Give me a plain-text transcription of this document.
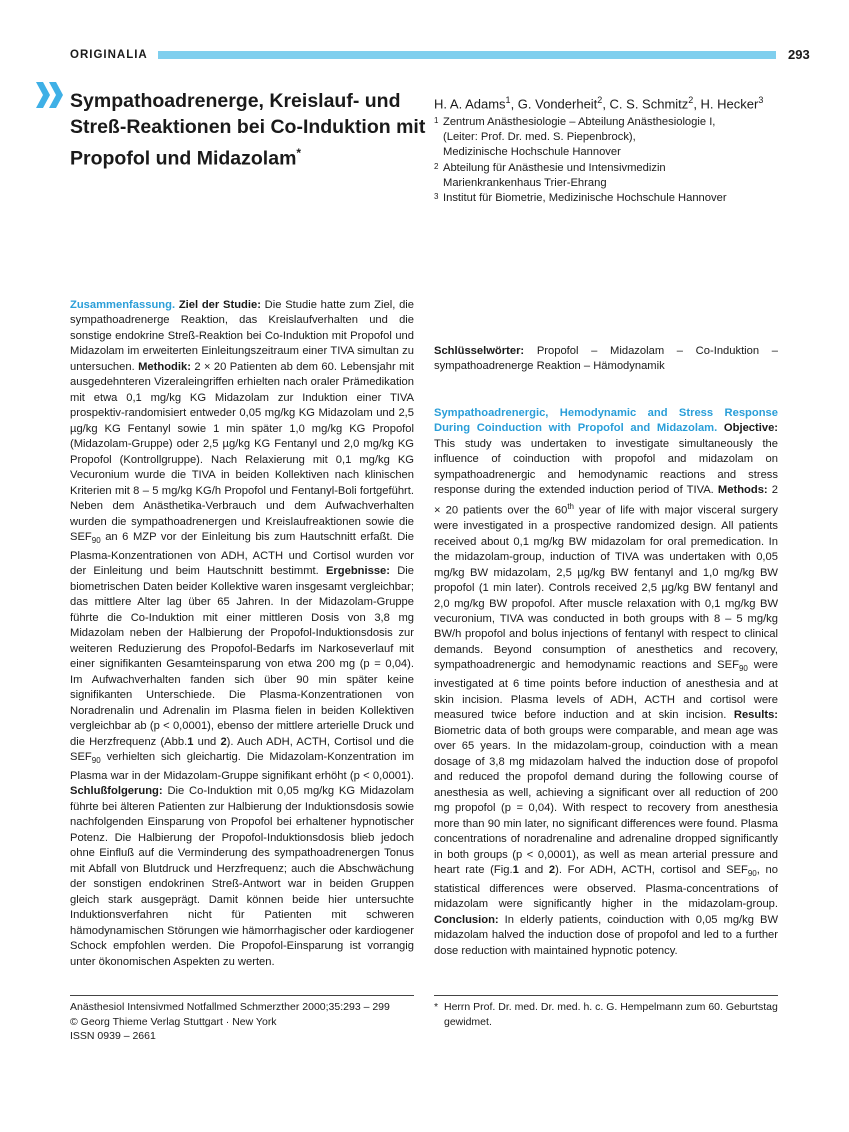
ORIGINALIA	293
Sympathoadrenerge, Kreislauf- und Streß-Reaktionen bei Co-Induktion mit Propofol und Midazolam*
H. A. Adams$^1$, G. Vonderheit$^2$, C. S. Schmitz$^2$, H. Hecker$^3$
1 Zentrum Anästhesiologie – Abteilung Anästhesiologie I,
(Leiter: Prof. Dr. med. S. Piepenbrock),
Medizinische Hochschule Hannover
2 Abteilung für Anästhesie und Intensivmedizin
Marienkrankenhaus Trier-Ehrang
3 Institut für Biometrie, Medizinische Hochschule Hannover
Zusammenfassung. Ziel der Studie: Die Studie hatte zum Ziel, die sympathoadrenerge Reaktion, das Kreislaufverhalten und die sonstige endokrine Streß-Reaktion bei Co-Induktion mit Propofol und Midazolam im erweiterten Einleitungszeitraum einer TIVA simultan zu untersuchen. Methodik: 2 × 20 Patienten ab dem 60. Lebensjahr mit ausgedehnteren Vizeraleingriffen erhielten nach oraler Prämedikation mit etwa 0,1 mg/kg KG Midazolam zur Induktion einer TIVA prospektiv-randomisiert entweder 0,05 mg/kg KG Midazolam und 2,5 µg/kg KG Fentanyl sowie 1 min später 1,0 mg/kg KG Propofol (Midazolam-Gruppe) oder 2,5 µg/kg KG Fentanyl und 2,0 mg/kg KG Propofol (Kontrollgruppe). Nach Relaxierung mit 0,1 mg/kg KG Vecuronium wurde die TIVA in beiden Kollektiven nach klinischen Kriterien mit 8 – 5 mg/kg KG/h Propofol und Fentanyl-Boli fortgeführt. Neben dem Anästhetika-Verbrauch und dem Aufwachverhalten wurden die sympathoadrenergen und Kreislaufreaktionen sowie die $SEF_{90}$ an 6 MZP vor der Einleitung bis zum Hautschnitt erfaßt. Die Plasma-Konzentrationen von ADH, ACTH und Cortisol wurden vor der Einleitung und beim Hautschnitt bestimmt. Ergebnisse: Die biometrischen Daten beider Kollektive waren insgesamt vergleichbar; das mittlere Alter lag über 65 Jahren. In der Midazolam-Gruppe führte die Co-Induktion mit einer mittleren Dosis von 3,8 mg Midazolam neben der Halbierung der Propofol-Induktionsdosis zur weiteren Reduzierung des Propofol-Bedarfs im Narkoseverlauf mit einer signifikanten Gesamteinsparung von etwa 200 mg (p = 0,04). Im Aufwachverhalten fanden sich über 90 min später keine signifikanten Unterschiede. Die Plasma-Konzentrationen von Noradrenalin und Adrenalin im Plasma fielen in beiden Kollektiven vergleichbar ab (p < 0,0001), ebenso der mittlere arterielle Druck und die Herzfrequenz (Abb.1 und 2). Auch ADH, ACTH, Cortisol und die $SEF_{90}$ verhielten sich gleichartig. Die Midazolam-Konzentration im Plasma war in der Midazolam-Gruppe signifikant erhöht (p < 0,0001). Schlußfolgerung: Die Co-Induktion mit 0,05 mg/kg KG Midazolam führte bei älteren Patienten zur Halbierung der Induktionsdosis sowie nachfolgenden Einsparung von Propofol bei erhaltener hypnotischer Potenz. Die Halbierung der Propofol-Induktionsdosis blieb jedoch ohne Einfluß auf die Verminderung des sympathoadrenergen Tonus mit Abfall von Blutdruck und Herzfrequenz; auch die Abschwächung der sonstigen endokrinen Streß-Antwort war in beiden Gruppen gleich stark ausgeprägt. Damit können beide hier untersuchte Induktionsverfahren nicht für Patienten mit schweren hämodynamischen Störungen wie hämorrhagischer oder kardiogener Schock empfohlen werden. Die Propofol-Einsparung ist vorrangig unter ökonomischen Aspekten zu werten.
Schlüsselwörter: Propofol – Midazolam – Co-Induktion – sympathoadrenerge Reaktion – Hämodynamik
Sympathoadrenergic, Hemodynamic and Stress Response During Coinduction with Propofol and Midazolam. Objective: This study was undertaken to investigate simultaneously the influence of coinduction with propofol and midazolam on sympathoadrenergic and hemodynamic reactions and stress response during the extended induction period of TIVA. Methods: 2 × 20 patients over the 60th year of life with major visceral surgery were investigated in a prospective randomized design. All patients received about 0,1 mg/kg BW midazolam for oral premedication. In the midazolam-group, induction of TIVA was undertaken with 0,05 mg/kg BW midazolam, 2,5 µg/kg BW fentanyl and 1,0 mg/kg BW propofol (1 min later). Controls received 2,5 µg/kg BW fentanyl and 2,0 mg/kg BW propofol. After muscle relaxation with 0,1 mg/kg BW vecuronium, TIVA was conducted in both groups with 8 – 5 mg/kg BW/h propofol and bolus injections of fentanyl with respect to clinical demands. Beyond consumption of anesthetics and recovery, sympathoadrenergic and hemodynamic reactions and $SEF_{90}$ were investigated at 6 time points before induction of anesthesia and at skin incision. Plasma levels of ADH, ACTH and cortisol were measured twice before induction and at skin incision. Results: Biometric data of both groups were comparable, and mean age was over 65 years. In the midazolam-group, coinduction with a mean dosage of 3,8 mg midazolam halved the induction dose of propofol and reduced the propofol demand during the following course of anesthesia as well, achieving a significant over all reduction of 200 mg propofol (p = 0,04). With respect to recovery from anesthesia more than 90 min later, no significant differences were found. Plasma concentrations of noradrenaline and adrenaline dropped significantly in both groups (p < 0,0001), as well as mean arterial pressure and heart rate (Fig.1 and 2). For ADH, ACTH, cortisol and $SEF_{90}$, no statistical differences were observed. Plasma-concentrations of midazolam were significantly higher in the midazolam-group. Conclusion: In elderly patients, coinduction with 0,05 mg/kg BW midazolam halved the induction dose of propofol and led to a further dose reduction with maintained hypnotic potency.
Anästhesiol Intensivmed Notfallmed Schmerzther 2000;35:293 – 299
© Georg Thieme Verlag Stuttgart · New York
ISSN 0939 – 2661
* Herrn Prof. Dr. med. Dr. med. h. c. G. Hempelmann zum 60. Geburtstag gewidmet.
